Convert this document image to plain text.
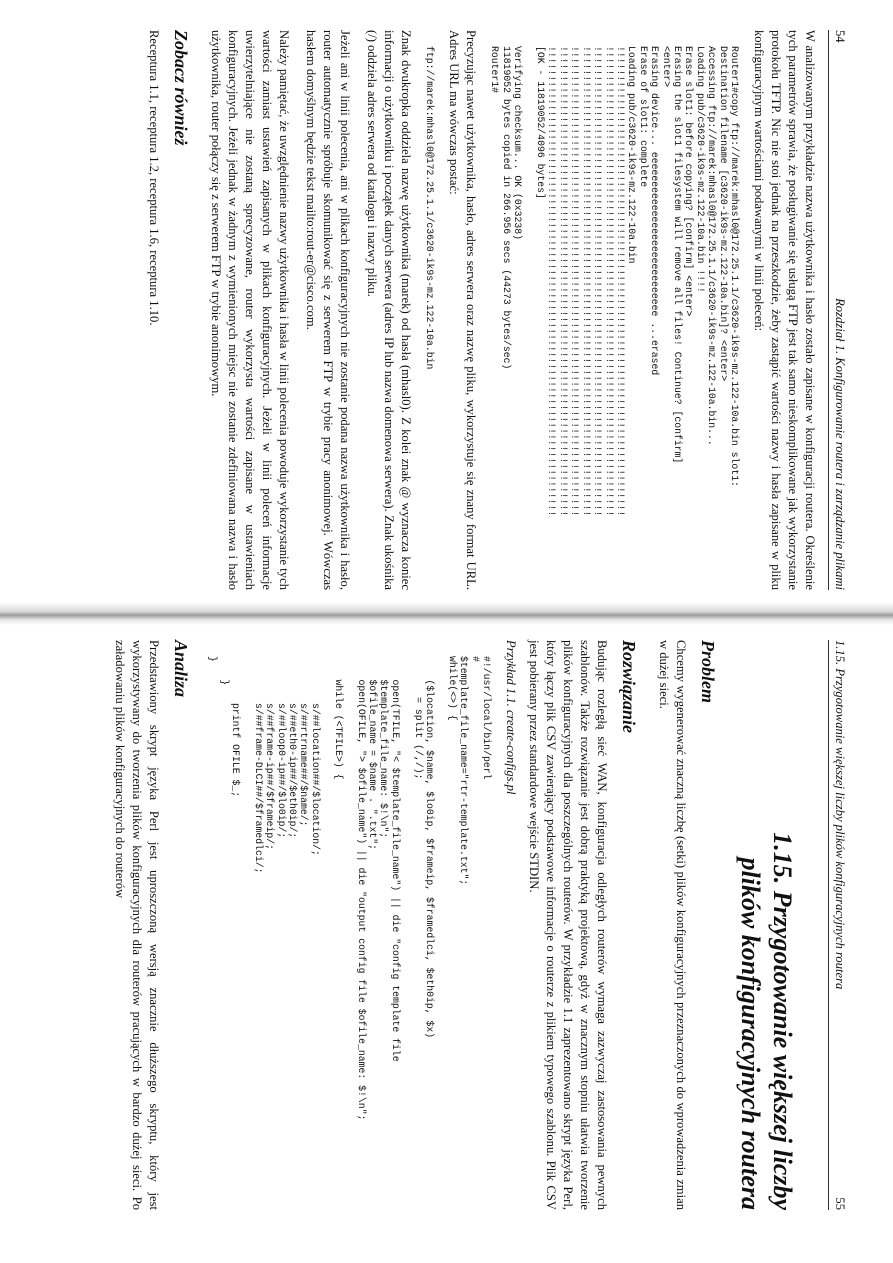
54
Rozdział 1. Konfigurowanie routera i zarządzanie plikami

W analizowanym przykładzie nazwa użytkownika i hasło zostało zapisane w konfiguracji routera. Określenie tych parametrów sprawia, że posługiwanie się usługą FTP jest tak samo nieskomplikowane jak wykorzystanie protokołu TFTP. Nic nie stoi jednak na przeszkodzie, żeby zastąpić wartości nazwy i hasła zapisane w pliku konfiguracyjnym wartościami podawanymi w linii poleceń:

Router1#copy ftp://marek:mhasl0@172.25.1.1/c3620-ik9s-mz.122-10a.bin slot1:
Destination filename [c3620-ik9s-mz.122-10a.bin]? <enter>
Accessing ftp://marek:mhasl0@172.25.1.1/c3620-ik9s-mz.122-10a.bin...
Loading pub/c3620-ik9s-mz.122-10a.bin !!!!
Erase slot1: before copying? [confirm] <enter>
Erasing the slot1 filesystem will remove all files! Continue? [confirm]
<enter>
Erasing device... eeeeeeeeeeeeeeeeeeeeeeeeeeee ...erased
Erase of slot1: complete
Loading pub/c3620-ik9s-mz.122-10a.bin
!!!!!!!!!!!!!!!!!!!!!!!!!!!!!!!!!!!!!!!!!!!!!!!!!!!!!!!!!!!!!!!!!!!!!!!!!!!!!!!!
!!!!!!!!!!!!!!!!!!!!!!!!!!!!!!!!!!!!!!!!!!!!!!!!!!!!!!!!!!!!!!!!!!!!!!!!!!!!!!!!
!!!!!!!!!!!!!!!!!!!!!!!!!!!!!!!!!!!!!!!!!!!!!!!!!!!!!!!!!!!!!!!!!!!!!!!!!!!!!!!!
!!!!!!!!!!!!!!!!!!!!!!!!!!!!!!!!!!!!!!!!!!!!!!!!!!!!!!!!!!!!!!!!!!!!!!!!!!!!!!!!
!!!!!!!!!!!!!!!!!!!!!!!!!!!!!!!!!!!!!!!!!!!!!!!!!!!!!!!!!!!!!!!!!!!!!!!!!!!!!!!!
!!!!!!!!!!!!!!!!!!!!!!!!!!!!!!!!!!!!!!!!!!!!!!!!!!!!!!!!!!!!!!!!!!!!!!!!!!!!!!!!
!!!!!!!!!!!!!!!!!!!!!!!!!!!!!!!!!!!!!!!!!!!!!!!!!!!!!!!!!!!!!!!!!!!!!!!!!!!!!!!!
[OK - 11819052/4096 bytes]

Verifying checksum... OK (0x3238)
11819052 bytes copied in 266.956 secs (44273 bytes/sec)
Router1#

Precyzując nawet użytkownika, hasło, adres serwera oraz nazwę pliku, wykorzystuje się znany format URL. Adres URL ma wówczas postać:

ftp://marek:mhasl0@172.25.1.1/c3620-ik9s-mz.122-10a.bin

Znak dwukropka oddziela nazwę użytkownika (marek) od hasła (mhasl0). Z kolei znak @ wyznacza koniec informacji o użytkowniku i początek danych serwera (adres IP lub nazwa domenowa serwera). Znak ukośnika (/) oddziela adres serwera od katalogu i nazwy pliku.

Jeżeli ani w linii polecenia, ani w plikach konfiguracyjnych nie zostanie podana nazwa użytkownika i hasło, router automatycznie spróbuje skomunikować się z serwerem FTP w trybie pracy anonimowej. Wówczas hasłem domyślnym będzie tekst mailto:rout-er@cisco.com.

Należy pamiętać, że uwzględnienie nazwy użytkownika i hasła w linii polecenia powoduje wykorzystanie tych wartości zamiast ustawień zapisanych w plikach konfiguracyjnych. Jeżeli w linii poleceń informacje uwierzytelniające nie zostaną sprecyzowane, router wykorzysta wartości zapisane w ustawieniach konfiguracyjnych. Jeżeli jednak w żadnym z wymienionych miejsc nie zostanie zdefiniowana nazwa i hasło użytkownika, router połączy się z serwerem FTP w trybie anonimowym.

Zobacz również

Receptura 1.1, receptura 1.2, receptura 1.6, receptura 1.10.

1.15. Przygotowanie większej liczby plików konfiguracyjnych routera
55
1.15. Przygotowanie większej liczby
plików konfiguracyjnych routera
Problem

Chcemy wygenerować znaczną liczbę (setki) plików konfiguracyjnych przeznaczonych do wprowadzenia zmian w dużej sieci.

Rozwiązanie

Budując rozległą sieć WAN, konfiguracja odległych routerów wymaga zazwyczaj zastosowania pewnych szablonów. Także rozwiązanie jest dobrą praktyką projektową, gdyż w znacznym stopniu ułatwia tworzenie plików konfiguracyjnych dla poszczególnych routerów. W przykładzie 1.1 zaprezentowano skrypt języka Perl, który łączy plik CSV zawierający podstawowe informacje o routerze z plikiem typowego szablonu. Plik CSV jest pobierany przez standardowe wejście STDIN.

Przykład 1.1. create-configs.pl
#!/usr/local/bin/perl
#
$template_file_name="rtr-template.txt";
while(<>) {

($location, $name, $lo0ip, $frameip, $framedlci, $eth0ip, $x)
= split (/,/);

open(TFILE, "< $template_file_name") || die "config template file
$template_file_name: $!\n";
$ofile_name = $name . ".txt";
open(OFILE, "> $ofile_name") || die "output config file $ofile_name: $!\n";

while (<TFILE>) {

s/##location##/$location/;
s/##rtrname##/$name/;
s/##eth0-ip##/$eth0ip/;
s/##loop0-ip##/$lo0ip/;
s/##frame-ip##/$frameip/;
s/##frame-DLCI##/$framedlci/;

printf OFILE $_;
}
}
Analiza

Przedstawiony skrypt języka Perl jest uproszczoną wersją znacznie dłuższego skryptu, który jest wykorzystywany do tworzenia plików konfiguracyjnych dla routerów pracujących w bardzo dużej sieci. Po załadowaniu plików konfiguracyjnych do routerów
